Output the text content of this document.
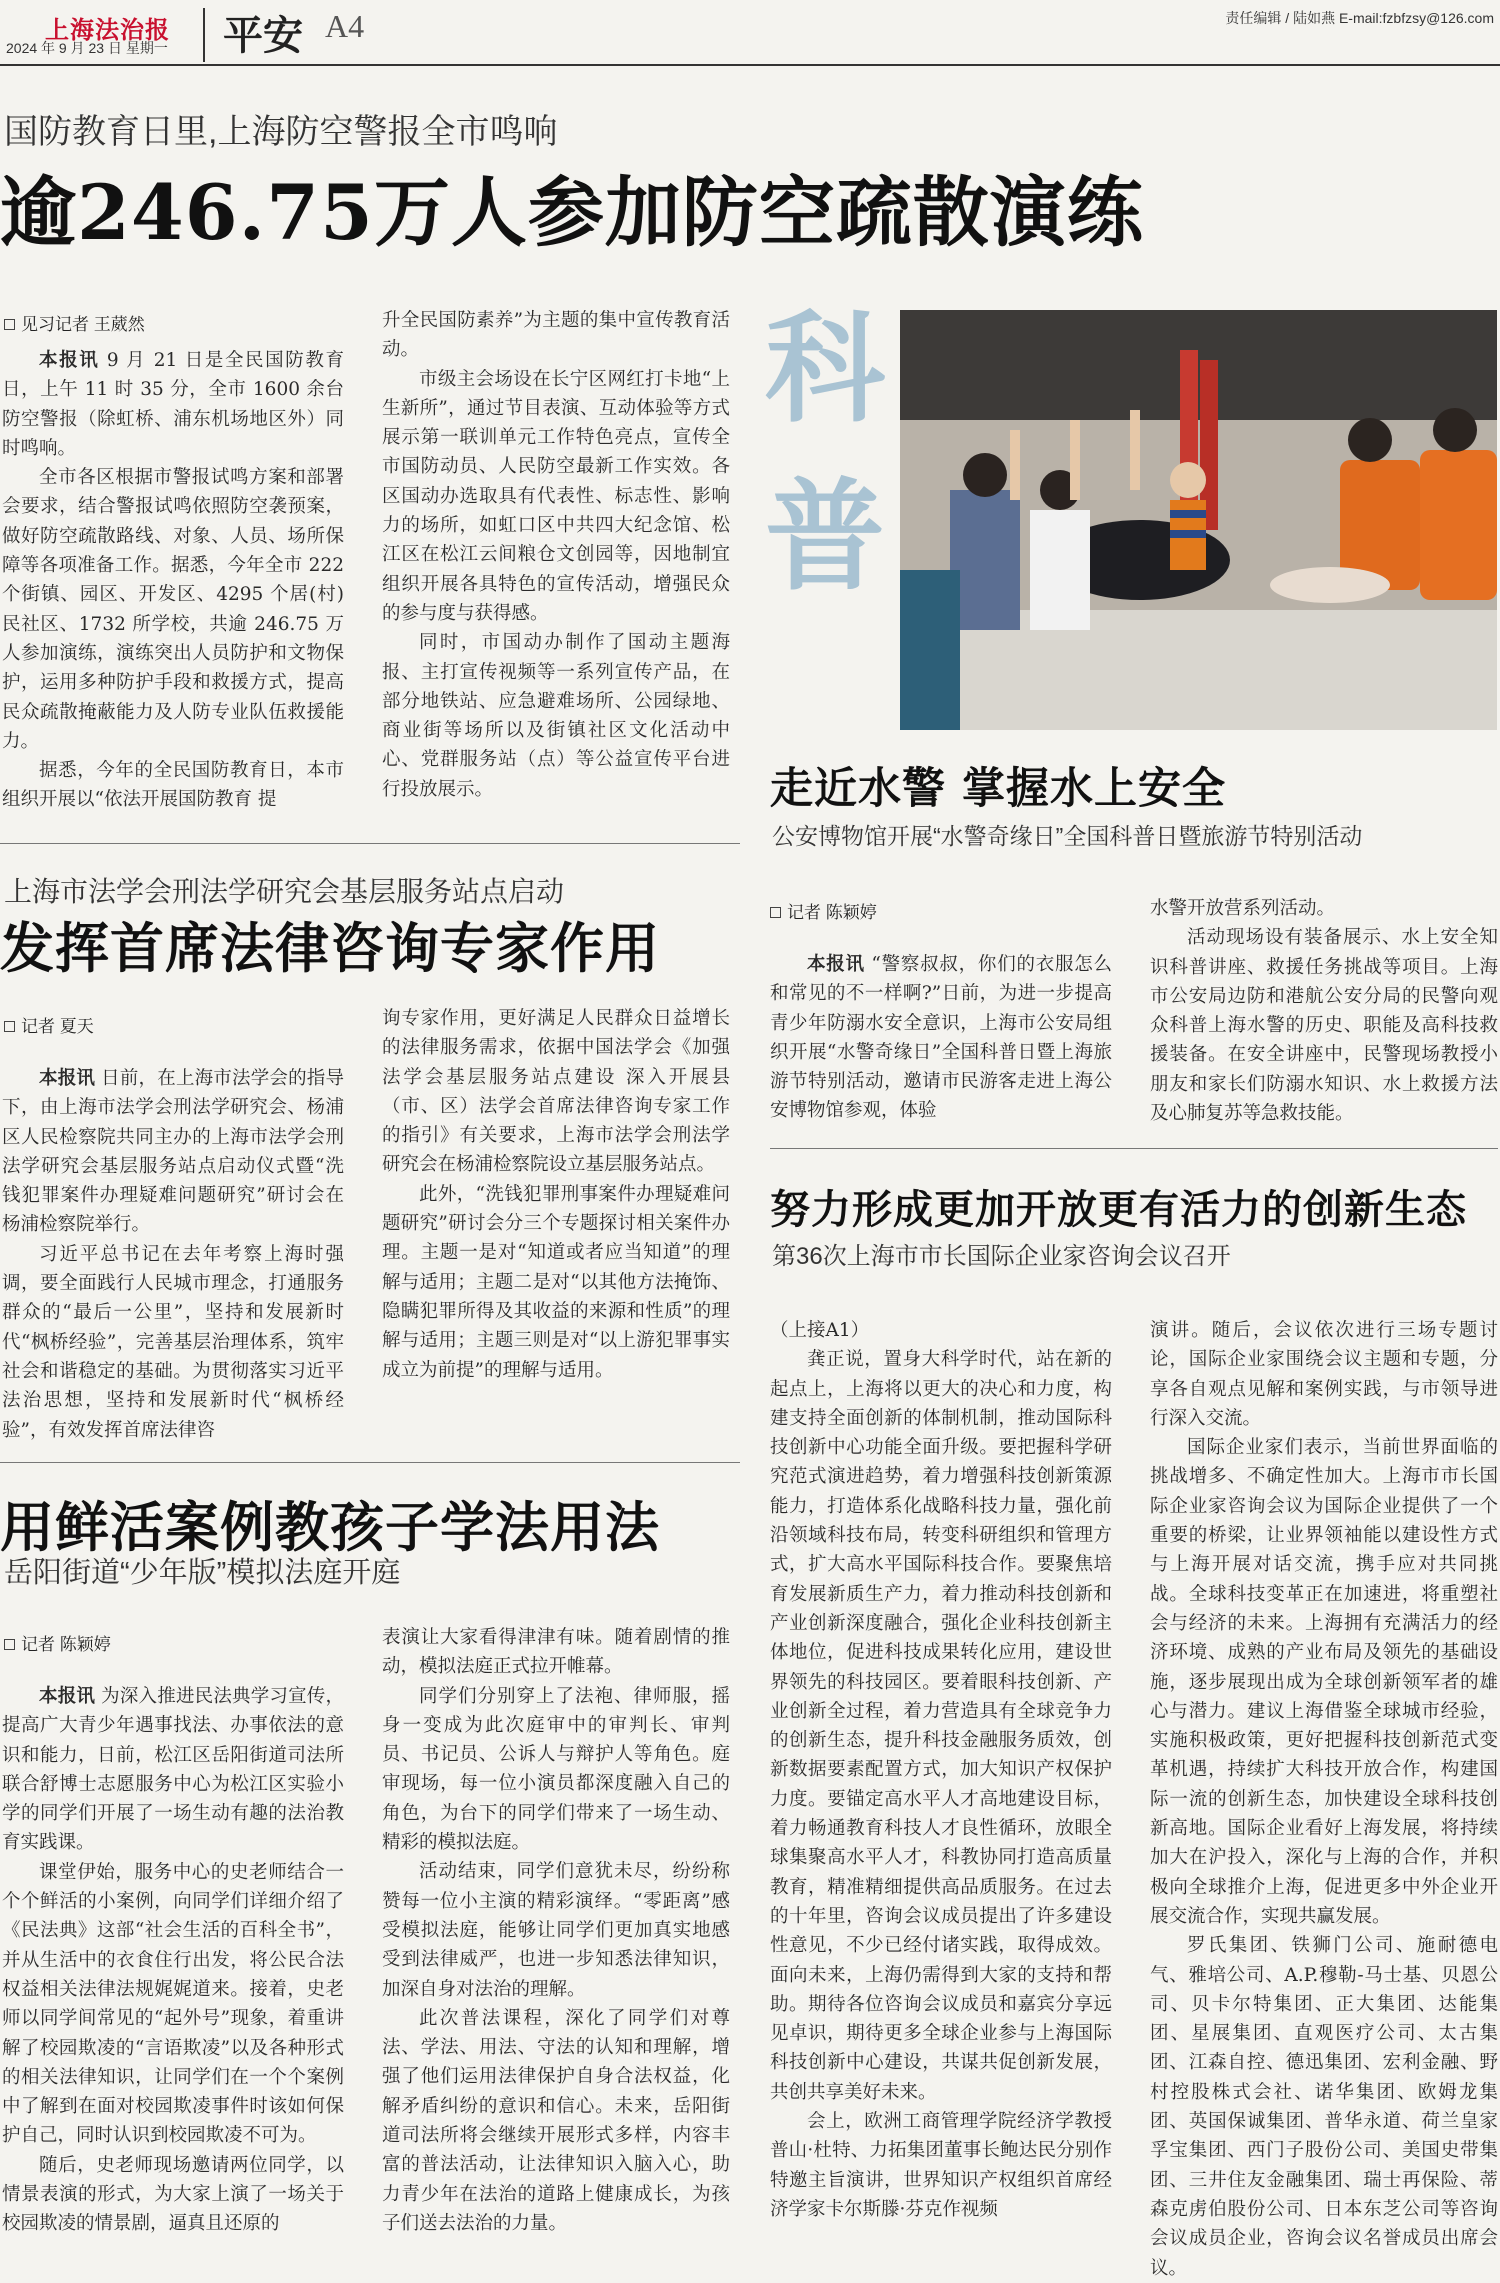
上海法治报
2024 年 9 月 23 日 星期一 平安 A4	责任编辑 / 陆如燕 E-mail:fzbfzsy@126.com
国防教育日里,上海防空警报全市鸣响
逾246.75万人参加防空疏散演练
见习记者 王葳然

本报讯 9 月 21 日是全民国防教育日，上午 11 时 35 分，全市 1600 余台防空警报（除虹桥、浦东机场地区外）同时鸣响。

全市各区根据市警报试鸣方案和部署会要求，结合警报试鸣依照防空袭预案，做好防空疏散路线、对象、人员、场所保障等各项准备工作。据悉，今年全市 222 个街镇、园区、开发区、4295 个居(村)民社区、1732 所学校，共逾 246.75 万人参加演练，演练突出人员防护和文物保护，运用多种防护手段和救援方式，提高民众疏散掩蔽能力及人防专业队伍救援能力。

据悉，今年的全民国防教育日，本市组织开展以“依法开展国防教育 提

升全民国防素养”为主题的集中宣传教育活动。

市级主会场设在长宁区网红打卡地“上生新所”，通过节目表演、互动体验等方式展示第一联训单元工作特色亮点，宣传全市国防动员、人民防空最新工作实效。各区国动办选取具有代表性、标志性、影响力的场所，如虹口区中共四大纪念馆、松江区在松江云间粮仓文创园等，因地制宜组织开展各具特色的宣传活动，增强民众的参与度与获得感。

同时，市国动办制作了国动主题海报、主打宣传视频等一系列宣传产品，在部分地铁站、应急避难场所、公园绿地、商业街等场所以及街镇社区文化活动中心、党群服务站（点）等公益宣传平台进行投放展示。

科普
走近水警 掌握水上安全
公安博物馆开展“水警奇缘日”全国科普日暨旅游节特别活动
上海市法学会刑法学研究会基层服务站点启动
发挥首席法律咨询专家作用
记者 夏天

本报讯 日前，在上海市法学会的指导下，由上海市法学会刑法学研究会、杨浦区人民检察院共同主办的上海市法学会刑法学研究会基层服务站点启动仪式暨“洗钱犯罪案件办理疑难问题研究”研讨会在杨浦检察院举行。

习近平总书记在去年考察上海时强调，要全面践行人民城市理念，打通服务群众的“最后一公里”，坚持和发展新时代“枫桥经验”，完善基层治理体系，筑牢社会和谐稳定的基础。为贯彻落实习近平法治思想，坚持和发展新时代“枫桥经验”，有效发挥首席法律咨

询专家作用，更好满足人民群众日益增长的法律服务需求，依据中国法学会《加强法学会基层服务站点建设 深入开展县（市、区）法学会首席法律咨询专家工作的指引》有关要求，上海市法学会刑法学研究会在杨浦检察院设立基层服务站点。

此外，“洗钱犯罪刑事案件办理疑难问题研究”研讨会分三个专题探讨相关案件办理。主题一是对“知道或者应当知道”的理解与适用；主题二是对“以其他方法掩饰、隐瞒犯罪所得及其收益的来源和性质”的理解与适用；主题三则是对“以上游犯罪事实成立为前提”的理解与适用。

记者 陈颖婷

本报讯 “警察叔叔，你们的衣服怎么和常见的不一样啊?”日前，为进一步提高青少年防溺水安全意识，上海市公安局组织开展“水警奇缘日”全国科普日暨上海旅游节特别活动，邀请市民游客走进上海公安博物馆参观，体验

水警开放营系列活动。

活动现场设有装备展示、水上安全知识科普讲座、救援任务挑战等项目。上海市公安局边防和港航公安分局的民警向观众科普上海水警的历史、职能及高科技救援装备。在安全讲座中，民警现场教授小朋友和家长们防溺水知识、水上救援方法及心肺复苏等急救技能。

努力形成更加开放更有活力的创新生态
第36次上海市市长国际企业家咨询会议召开

（上接A1）

龚正说，置身大科学时代，站在新的起点上，上海将以更大的决心和力度，构建支持全面创新的体制机制，推动国际科技创新中心功能全面升级。要把握科学研究范式演进趋势，着力增强科技创新策源能力，打造体系化战略科技力量，强化前沿领域科技布局，转变科研组织和管理方式，扩大高水平国际科技合作。要聚焦培育发展新质生产力，着力推动科技创新和产业创新深度融合，强化企业科技创新主体地位，促进科技成果转化应用，建设世界领先的科技园区。要着眼科技创新、产业创新全过程，着力营造具有全球竞争力的创新生态，提升科技金融服务质效，创新数据要素配置方式，加大知识产权保护力度。要锚定高水平人才高地建设目标，着力畅通教育科技人才良性循环，放眼全球集聚高水平人才，科教协同打造高质量教育，精准精细提供高品质服务。在过去的十年里，咨询会议成员提出了许多建设性意见，不少已经付诸实践，取得成效。面向未来，上海仍需得到大家的支持和帮助。期待各位咨询会议成员和嘉宾分享远见卓识，期待更多全球企业参与上海国际科技创新中心建设，共谋共促创新发展，共创共享美好未来。

会上，欧洲工商管理学院经济学教授普山·杜特、力拓集团董事长鲍达民分别作特邀主旨演讲，世界知识产权组织首席经济学家卡尔斯滕·芬克作视频

演讲。随后，会议依次进行三场专题讨论，国际企业家围绕会议主题和专题，分享各自观点见解和案例实践，与市领导进行深入交流。

国际企业家们表示，当前世界面临的挑战增多、不确定性加大。上海市市长国际企业家咨询会议为国际企业提供了一个重要的桥梁，让业界领袖能以建设性方式与上海开展对话交流，携手应对共同挑战。全球科技变革正在加速进，将重塑社会与经济的未来。上海拥有充满活力的经济环境、成熟的产业布局及领先的基础设施，逐步展现出成为全球创新领军者的雄心与潜力。建议上海借鉴全球城市经验，实施积极政策，更好把握科技创新范式变革机遇，持续扩大科技开放合作，构建国际一流的创新生态，加快建设全球科技创新高地。国际企业看好上海发展，将持续加大在沪投入，深化与上海的合作，并积极向全球推介上海，促进更多中外企业开展交流合作，实现共赢发展。

罗氏集团、铁狮门公司、施耐德电气、雅培公司、A.P.穆勒-马士基、贝恩公司、贝卡尔特集团、正大集团、达能集团、星展集团、直观医疗公司、太古集团、江森自控、德迅集团、宏利金融、野村控股株式会社、诺华集团、欧姆龙集团、英国保诚集团、普华永道、荷兰皇家孚宝集团、西门子股份公司、美国史带集团、三井住友金融集团、瑞士再保险、蒂森克虏伯股份公司、日本东芝公司等咨询会议成员企业，咨询会议名誉成员出席会议。

用鲜活案例教孩子学法用法
岳阳街道“少年版”模拟法庭开庭
记者 陈颖婷

本报讯 为深入推进民法典学习宣传，提高广大青少年遇事找法、办事依法的意识和能力，日前，松江区岳阳街道司法所联合舒博士志愿服务中心为松江区实验小学的同学们开展了一场生动有趣的法治教育实践课。

课堂伊始，服务中心的史老师结合一个个鲜活的小案例，向同学们详细介绍了《民法典》这部“社会生活的百科全书”，并从生活中的衣食住行出发，将公民合法权益相关法律法规娓娓道来。接着，史老师以同学间常见的“起外号”现象，着重讲解了校园欺凌的“言语欺凌”以及各种形式的相关法律知识，让同学们在一个个案例中了解到在面对校园欺凌事件时该如何保护自己，同时认识到校园欺凌不可为。

随后，史老师现场邀请两位同学，以情景表演的形式，为大家上演了一场关于校园欺凌的情景剧，逼真且还原的

表演让大家看得津津有味。随着剧情的推动，模拟法庭正式拉开帷幕。

同学们分别穿上了法袍、律师服，摇身一变成为此次庭审中的审判长、审判员、书记员、公诉人与辩护人等角色。庭审现场，每一位小演员都深度融入自己的角色，为台下的同学们带来了一场生动、精彩的模拟法庭。

活动结束，同学们意犹未尽，纷纷称赞每一位小主演的精彩演绎。“零距离”感受模拟法庭，能够让同学们更加真实地感受到法律威严，也进一步知悉法律知识，加深自身对法治的理解。

此次普法课程，深化了同学们对尊法、学法、用法、守法的认知和理解，增强了他们运用法律保护自身合法权益，化解矛盾纠纷的意识和信心。未来，岳阳街道司法所将会继续开展形式多样，内容丰富的普法活动，让法律知识入脑入心，助力青少年在法治的道路上健康成长，为孩子们送去法治的力量。
